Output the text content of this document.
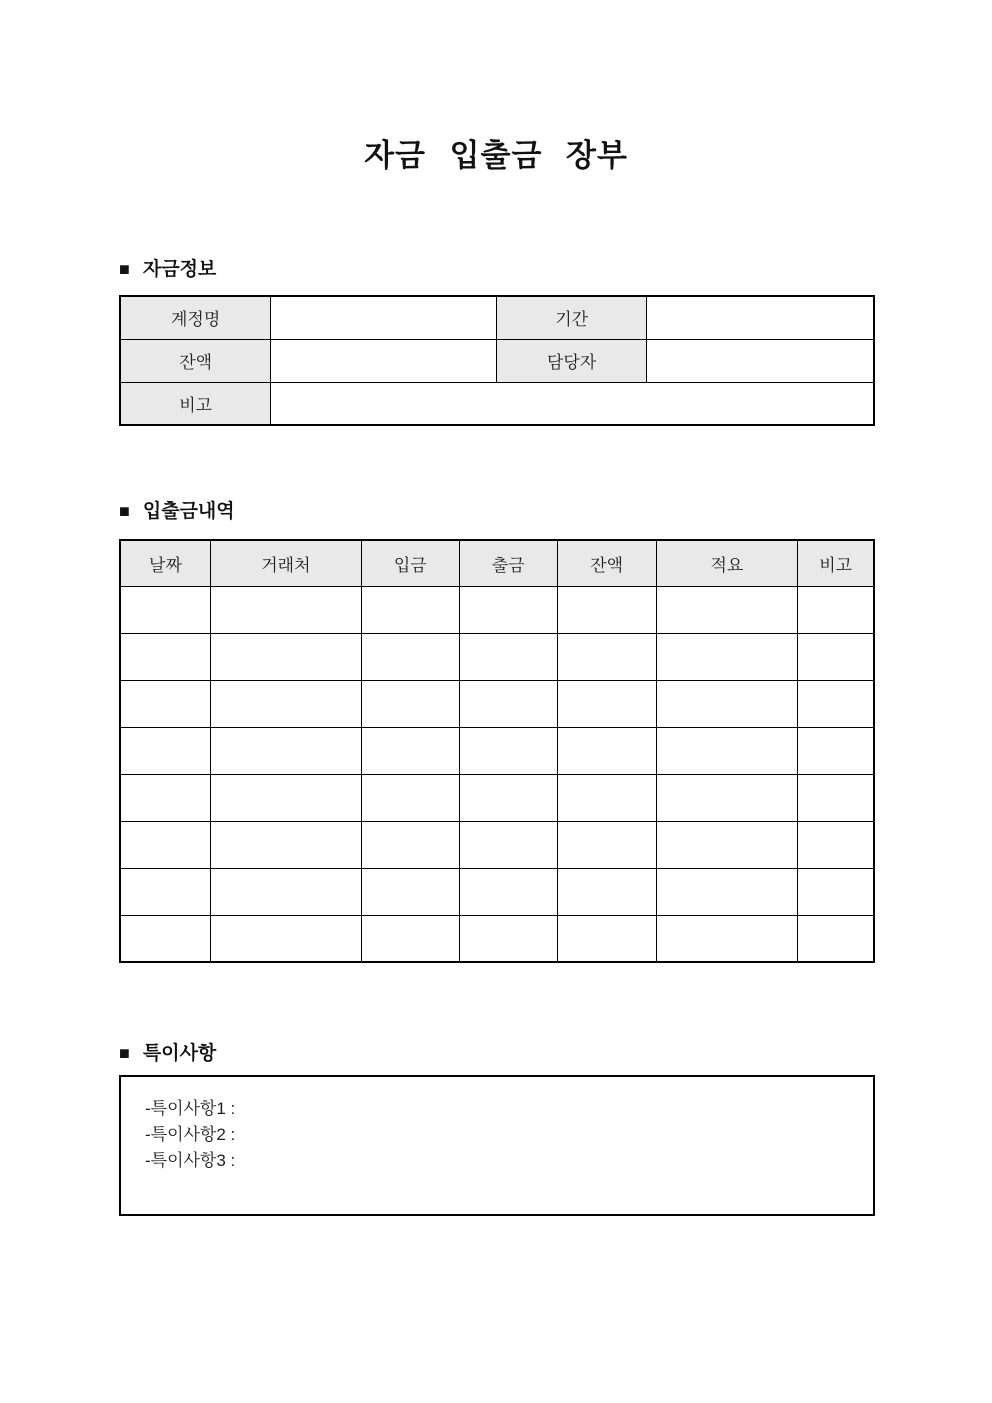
자금 입출금 장부
■ 자금정보
계정명		기간	
잔액		담당자	
비고			
■ 입출금내역
날짜	거래처	입금	출금	잔액	적요	비고

■ 특이사항
-특이사항1 :
-특이사항2 :
-특이사항3 :
